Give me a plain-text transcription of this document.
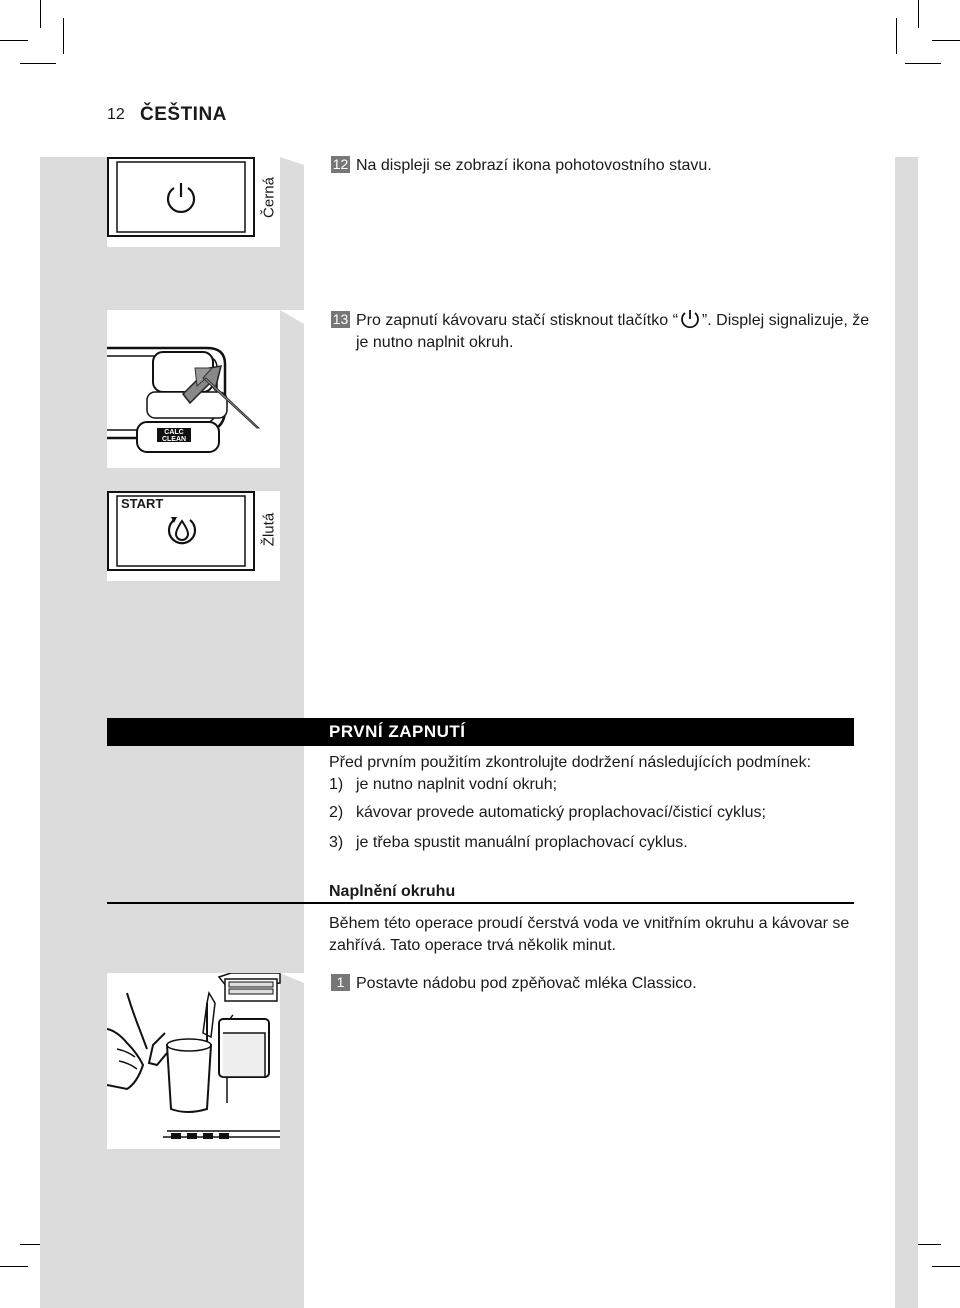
12 ČEŠTINA
Černá
12 Na displeji se zobrazí ikona pohotovostního stavu.
CALC
CLEAN
13 Pro zapnutí kávovaru stačí stisknout tlačítko “ ”. Displej signalizuje, že
je nutno naplnit okruh.
START
Žlutá
PRVNÍ ZAPNUTÍ
Před prvním použitím zkontrolujte dodržení následujících podmínek:
1) je nutno naplnit vodní okruh;
2) kávovar provede automatický proplachovací/čisticí cyklus;
3) je třeba spustit manuální proplachovací cyklus.
Naplnění okruhu
Během této operace proudí čerstvá voda ve vnitřním okruhu a kávovar se
zahřívá. Tato operace trvá několik minut.
1 Postavte nádobu pod zpěňovač mléka Classico.
